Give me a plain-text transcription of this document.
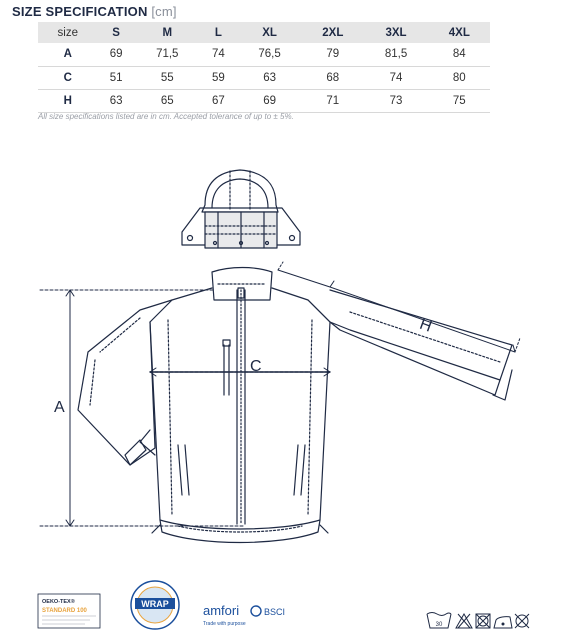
SIZE SPECIFICATION [cm]
size	S	M	L	XL	2XL	3XL	4XL
A	69	71,5	74	76,5	79	81,5	84
C	51	55	59	63	68	74	80
H	63	65	67	69	71	73	75
All size specifications listed are in cm. Accepted tolerance of up to ± 5%.
A
C
H
OEKO-TEX®
STANDARD 100
WRAP	amfori	BSCI
Trade with purpose	30
